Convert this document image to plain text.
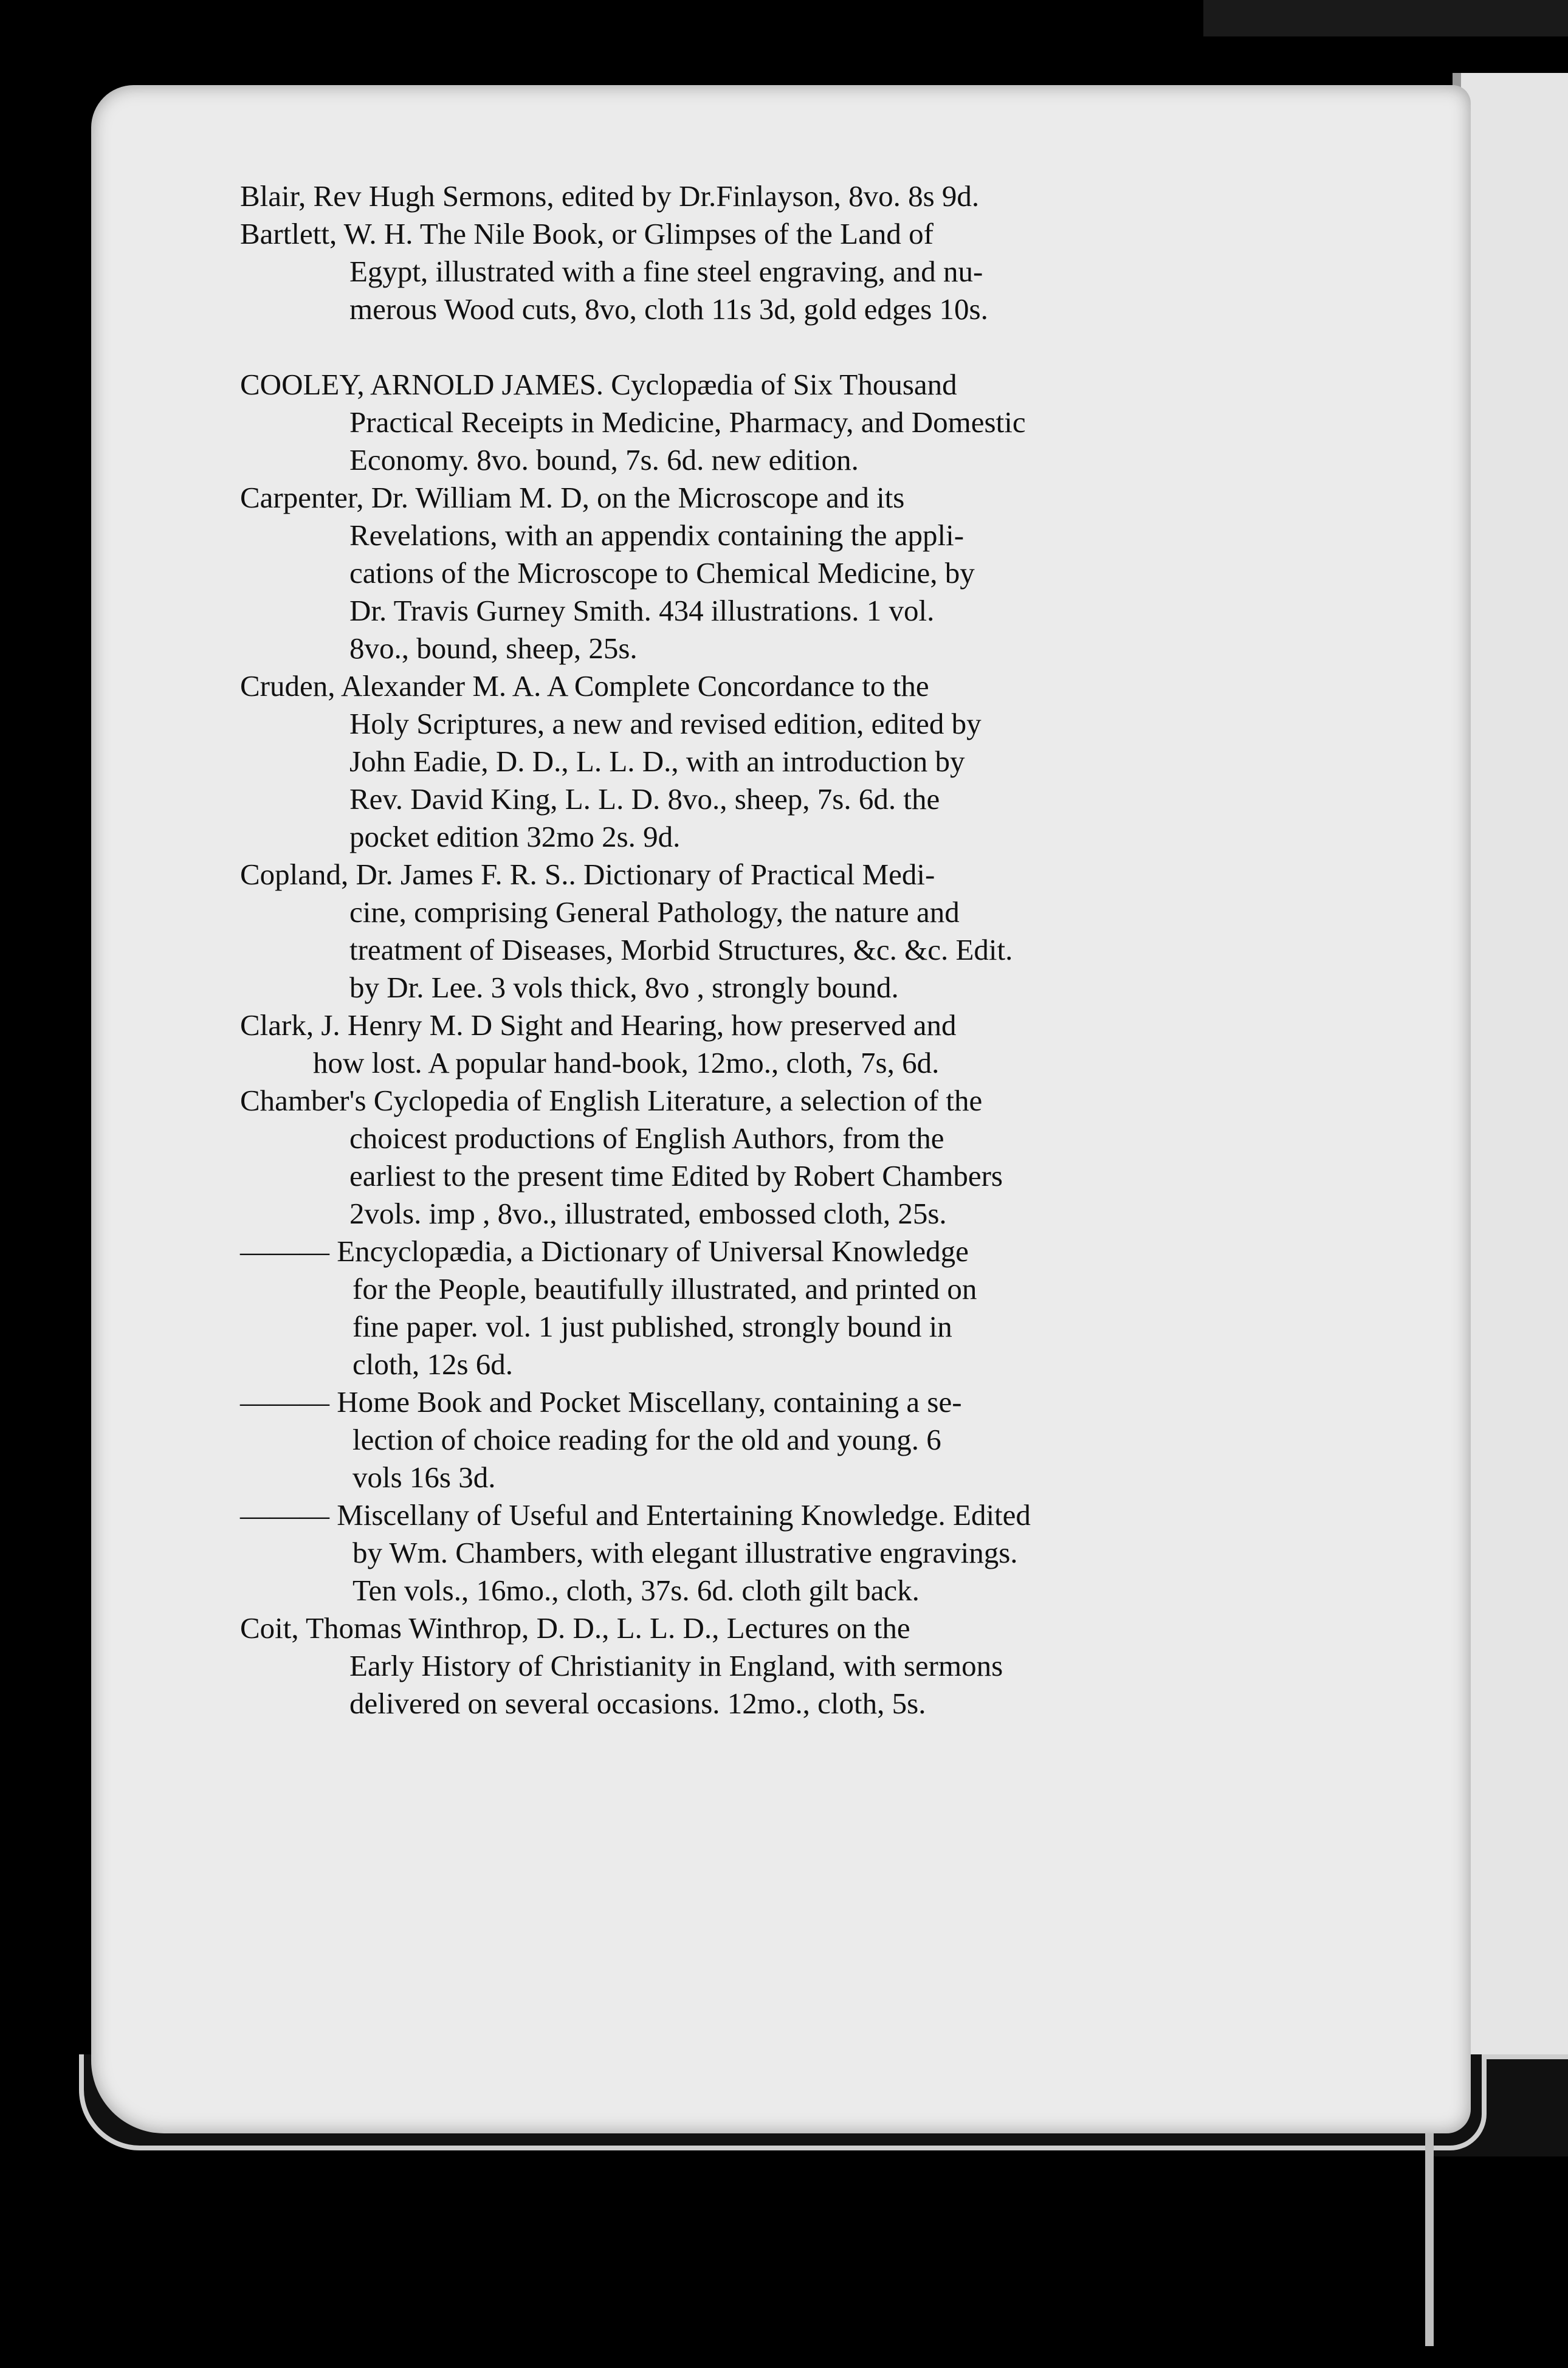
Blair, Rev Hugh Sermons, edited by Dr.Finlayson, 8vo. 8s 9d.

Bartlett, W. H. The Nile Book, or Glimpses of the Land of
Egypt, illustrated with a fine steel engraving, and nu-
merous Wood cuts, 8vo, cloth 11s 3d, gold edges 10s.

COOLEY, ARNOLD JAMES. Cyclopædia of Six Thousand
Practical Receipts in Medicine, Pharmacy, and Domestic
Economy. 8vo. bound, 7s. 6d. new edition.

Carpenter, Dr. William M. D, on the Microscope and its
Revelations, with an appendix containing the appli-
cations of the Microscope to Chemical Medicine, by
Dr. Travis Gurney Smith. 434 illustrations. 1 vol.
8vo., bound, sheep, 25s.

Cruden, Alexander M. A. A Complete Concordance to the
Holy Scriptures, a new and revised edition, edited by
John Eadie, D. D., L. L. D., with an introduction by
Rev. David King, L. L. D. 8vo., sheep, 7s. 6d. the
pocket edition 32mo 2s. 9d.

Copland, Dr. James F. R. S.. Dictionary of Practical Medi-
cine, comprising General Pathology, the nature and
treatment of Diseases, Morbid Structures, &c. &c. Edit.
by Dr. Lee. 3 vols thick, 8vo , strongly bound.

Clark, J. Henry M. D Sight and Hearing, how preserved and
how lost. A popular hand-book, 12mo., cloth, 7s, 6d.

Chamber's Cyclopedia of English Literature, a selection of the
choicest productions of English Authors, from the
earliest to the present time Edited by Robert Chambers
2vols. imp , 8vo., illustrated, embossed cloth, 25s.

——— Encyclopædia, a Dictionary of Universal Knowledge
for the People, beautifully illustrated, and printed on
fine paper. vol. 1 just published, strongly bound in
cloth, 12s 6d.

——— Home Book and Pocket Miscellany, containing a se-
lection of choice reading for the old and young. 6
vols 16s 3d.

——— Miscellany of Useful and Entertaining Knowledge. Edited
by Wm. Chambers, with elegant illustrative engravings.
Ten vols., 16mo., cloth, 37s. 6d. cloth gilt back.

Coit, Thomas Winthrop, D. D., L. L. D., Lectures on the
Early History of Christianity in England, with sermons
delivered on several occasions. 12mo., cloth, 5s.
